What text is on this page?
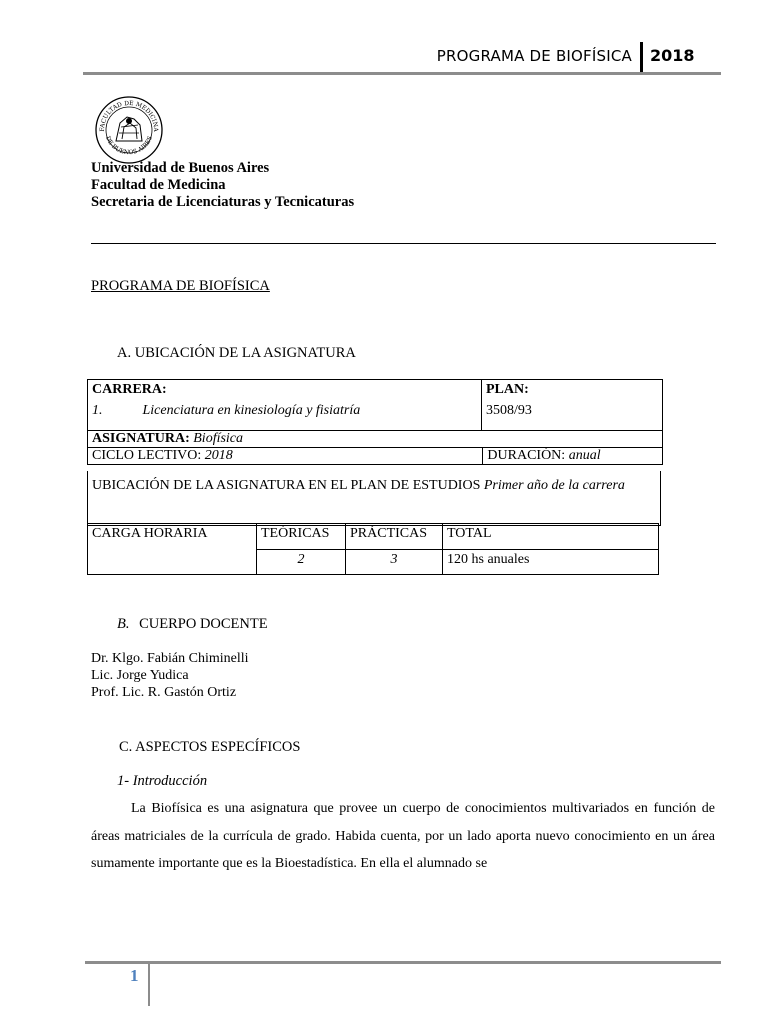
PROGRAMA DE BIOFÍSICA 2018
FACULTAD DE MEDICINA
DE BUENOS AIRES
Universidad de Buenos Aires
Facultad de Medicina
Secretaria de Licenciaturas y Tecnicaturas
PROGRAMA DE BIOFÍSICA
A. UBICACIÓN DE LA ASIGNATURA
CARRERA:
1.	Licenciatura en kinesiología y fisiatría

PLAN:
3508/93

ASIGNATURA: Biofísica
CICLO LECTIVO: 2018	DURACIÓN: anual
UBICACIÓN DE LA ASIGNATURA EN EL PLAN DE ESTUDIOS Primer año de la carrera
CARGA HORARIA	TEÓRICAS	PRÁCTICAS	TOTAL
	2	3	120 hs anuales
B. CUERPO DOCENTE
Dr. Klgo. Fabián Chiminelli
Lic. Jorge Yudica
Prof. Lic. R. Gastón Ortiz
C. ASPECTOS ESPECÍFICOS
1- Introducción
La Biofísica es una asignatura que provee un cuerpo de conocimientos multivariados en función de áreas matriciales de la currícula de grado. Habida cuenta, por un lado aporta nuevo conocimiento en un área sumamente importante que es la Bioestadística. En ella el alumnado se
1
